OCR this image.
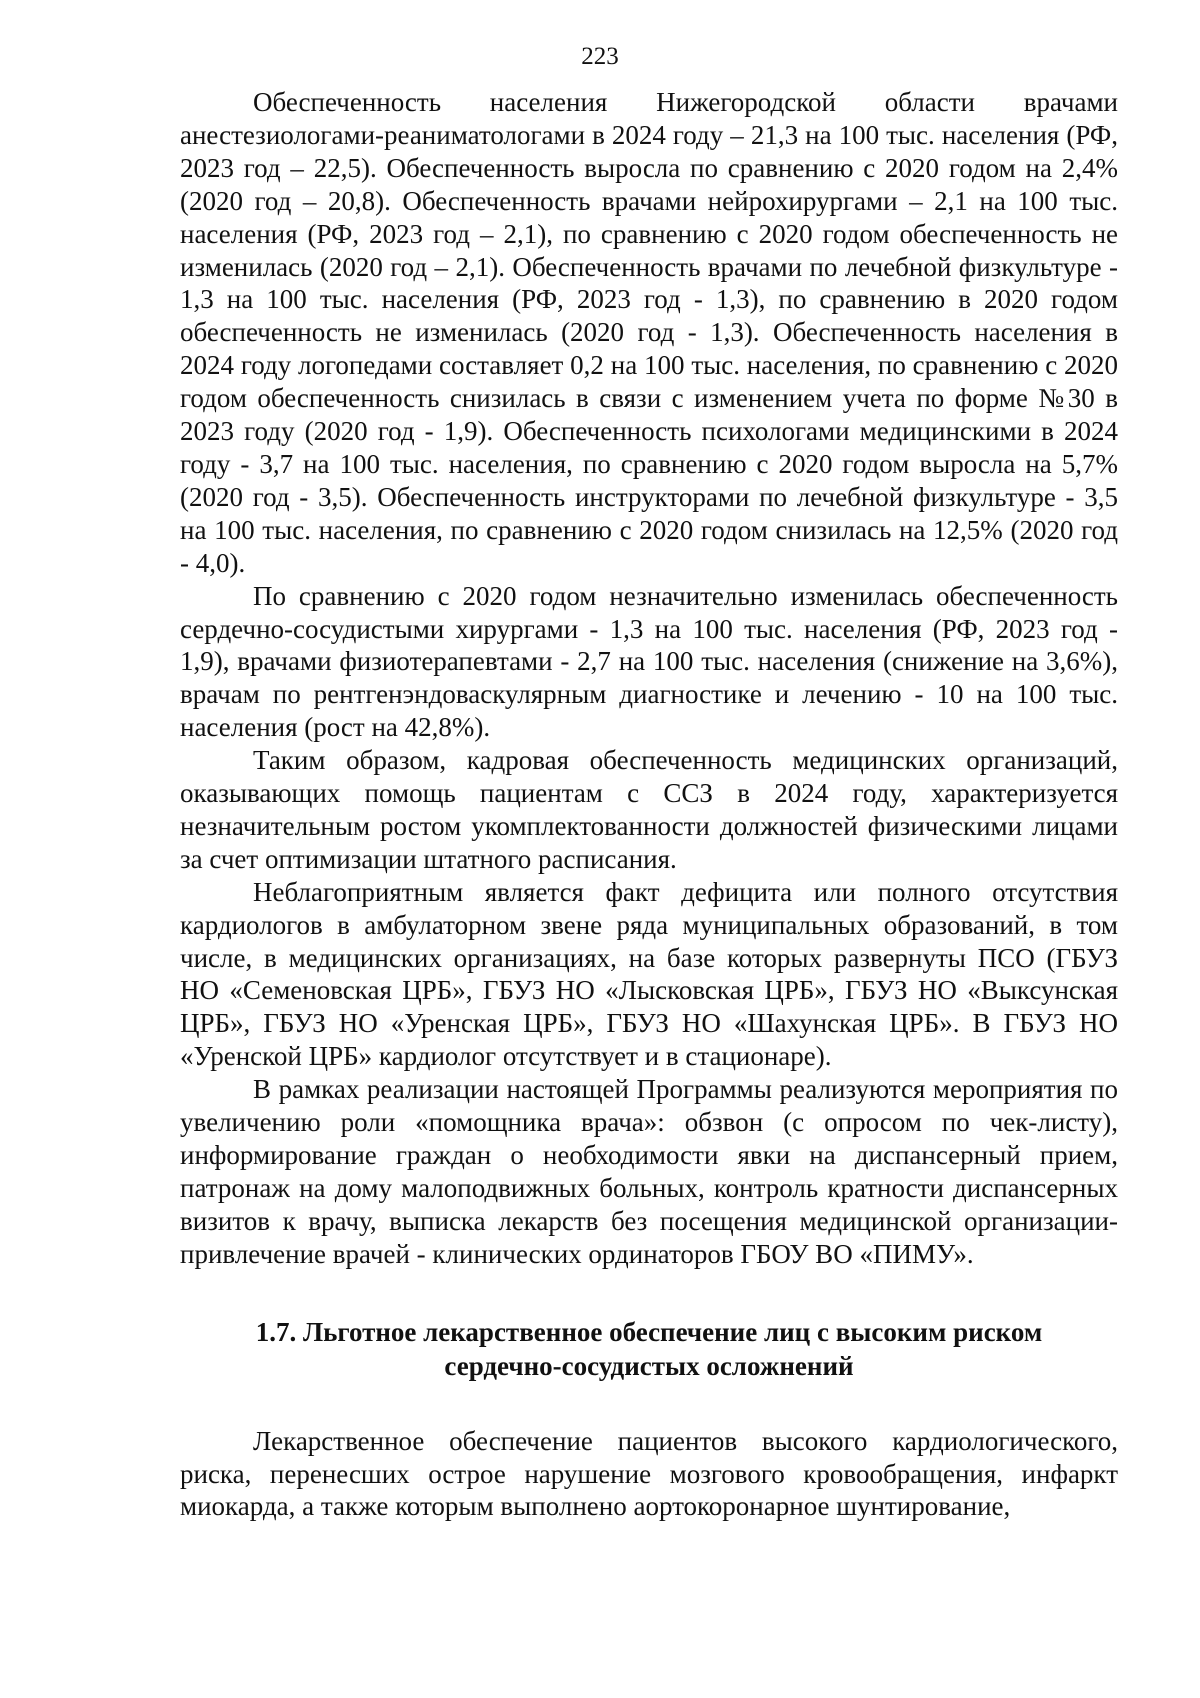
223

Обеспеченность населения Нижегородской области врачами анестезиологами-реаниматологами в 2024 году – 21,3 на 100 тыс. населения (РФ, 2023 год – 22,5). Обеспеченность выросла по сравнению с 2020 годом на 2,4% (2020 год – 20,8). Обеспеченность врачами нейрохирургами – 2,1 на 100 тыс. населения (РФ, 2023 год – 2,1), по сравнению с 2020 годом обеспеченность не изменилась (2020 год – 2,1). Обеспеченность врачами по лечебной физкультуре - 1,3 на 100 тыс. населения (РФ, 2023 год - 1,3), по сравнению в 2020 годом обеспеченность не изменилась (2020 год - 1,3). Обеспеченность населения в 2024 году логопедами составляет 0,2 на 100 тыс. населения, по сравнению с 2020 годом обеспеченность снизилась в связи с изменением учета по форме №30 в 2023 году (2020 год - 1,9). Обеспеченность психологами медицинскими в 2024 году - 3,7 на 100 тыс. населения, по сравнению с 2020 годом выросла на 5,7% (2020 год - 3,5). Обеспеченность инструкторами по лечебной физкультуре - 3,5 на 100 тыс. населения, по сравнению с 2020 годом снизилась на 12,5% (2020 год - 4,0).

По сравнению с 2020 годом незначительно изменилась обеспеченность сердечно-сосудистыми хирургами - 1,3 на 100 тыс. населения (РФ, 2023 год - 1,9), врачами физиотерапевтами - 2,7 на 100 тыс. населения (снижение на 3,6%), врачам по рентгенэндоваскулярным диагностике и лечению - 10 на 100 тыс. населения (рост на 42,8%).

Таким образом, кадровая обеспеченность медицинских организаций, оказывающих помощь пациентам с ССЗ в 2024 году, характеризуется незначительным ростом укомплектованности должностей физическими лицами за счет оптимизации штатного расписания.

Неблагоприятным является факт дефицита или полного отсутствия кардиологов в амбулаторном звене ряда муниципальных образований, в том числе, в медицинских организациях, на базе которых развернуты ПСО (ГБУЗ НО «Семеновская ЦРБ», ГБУЗ НО «Лысковская ЦРБ», ГБУЗ НО «Выксунская ЦРБ», ГБУЗ НО «Уренская ЦРБ», ГБУЗ НО «Шахунская ЦРБ». В ГБУЗ НО «Уренской ЦРБ» кардиолог отсутствует и в стационаре).

В рамках реализации настоящей Программы реализуются мероприятия по увеличению роли «помощника врача»: обзвон (с опросом по чек-листу), информирование граждан о необходимости явки на диспансерный прием, патронаж на дому малоподвижных больных, контроль кратности диспансерных визитов к врачу, выписка лекарств без посещения медицинской организации-привлечение врачей - клинических ординаторов ГБОУ ВО «ПИМУ».

1.7. Льготное лекарственное обеспечение лиц с высоким риском
сердечно-сосудистых осложнений

Лекарственное обеспечение пациентов высокого кардиологического, риска, перенесших острое нарушение мозгового кровообращения, инфаркт миокарда, а также которым выполнено аортокоронарное шунтирование,
